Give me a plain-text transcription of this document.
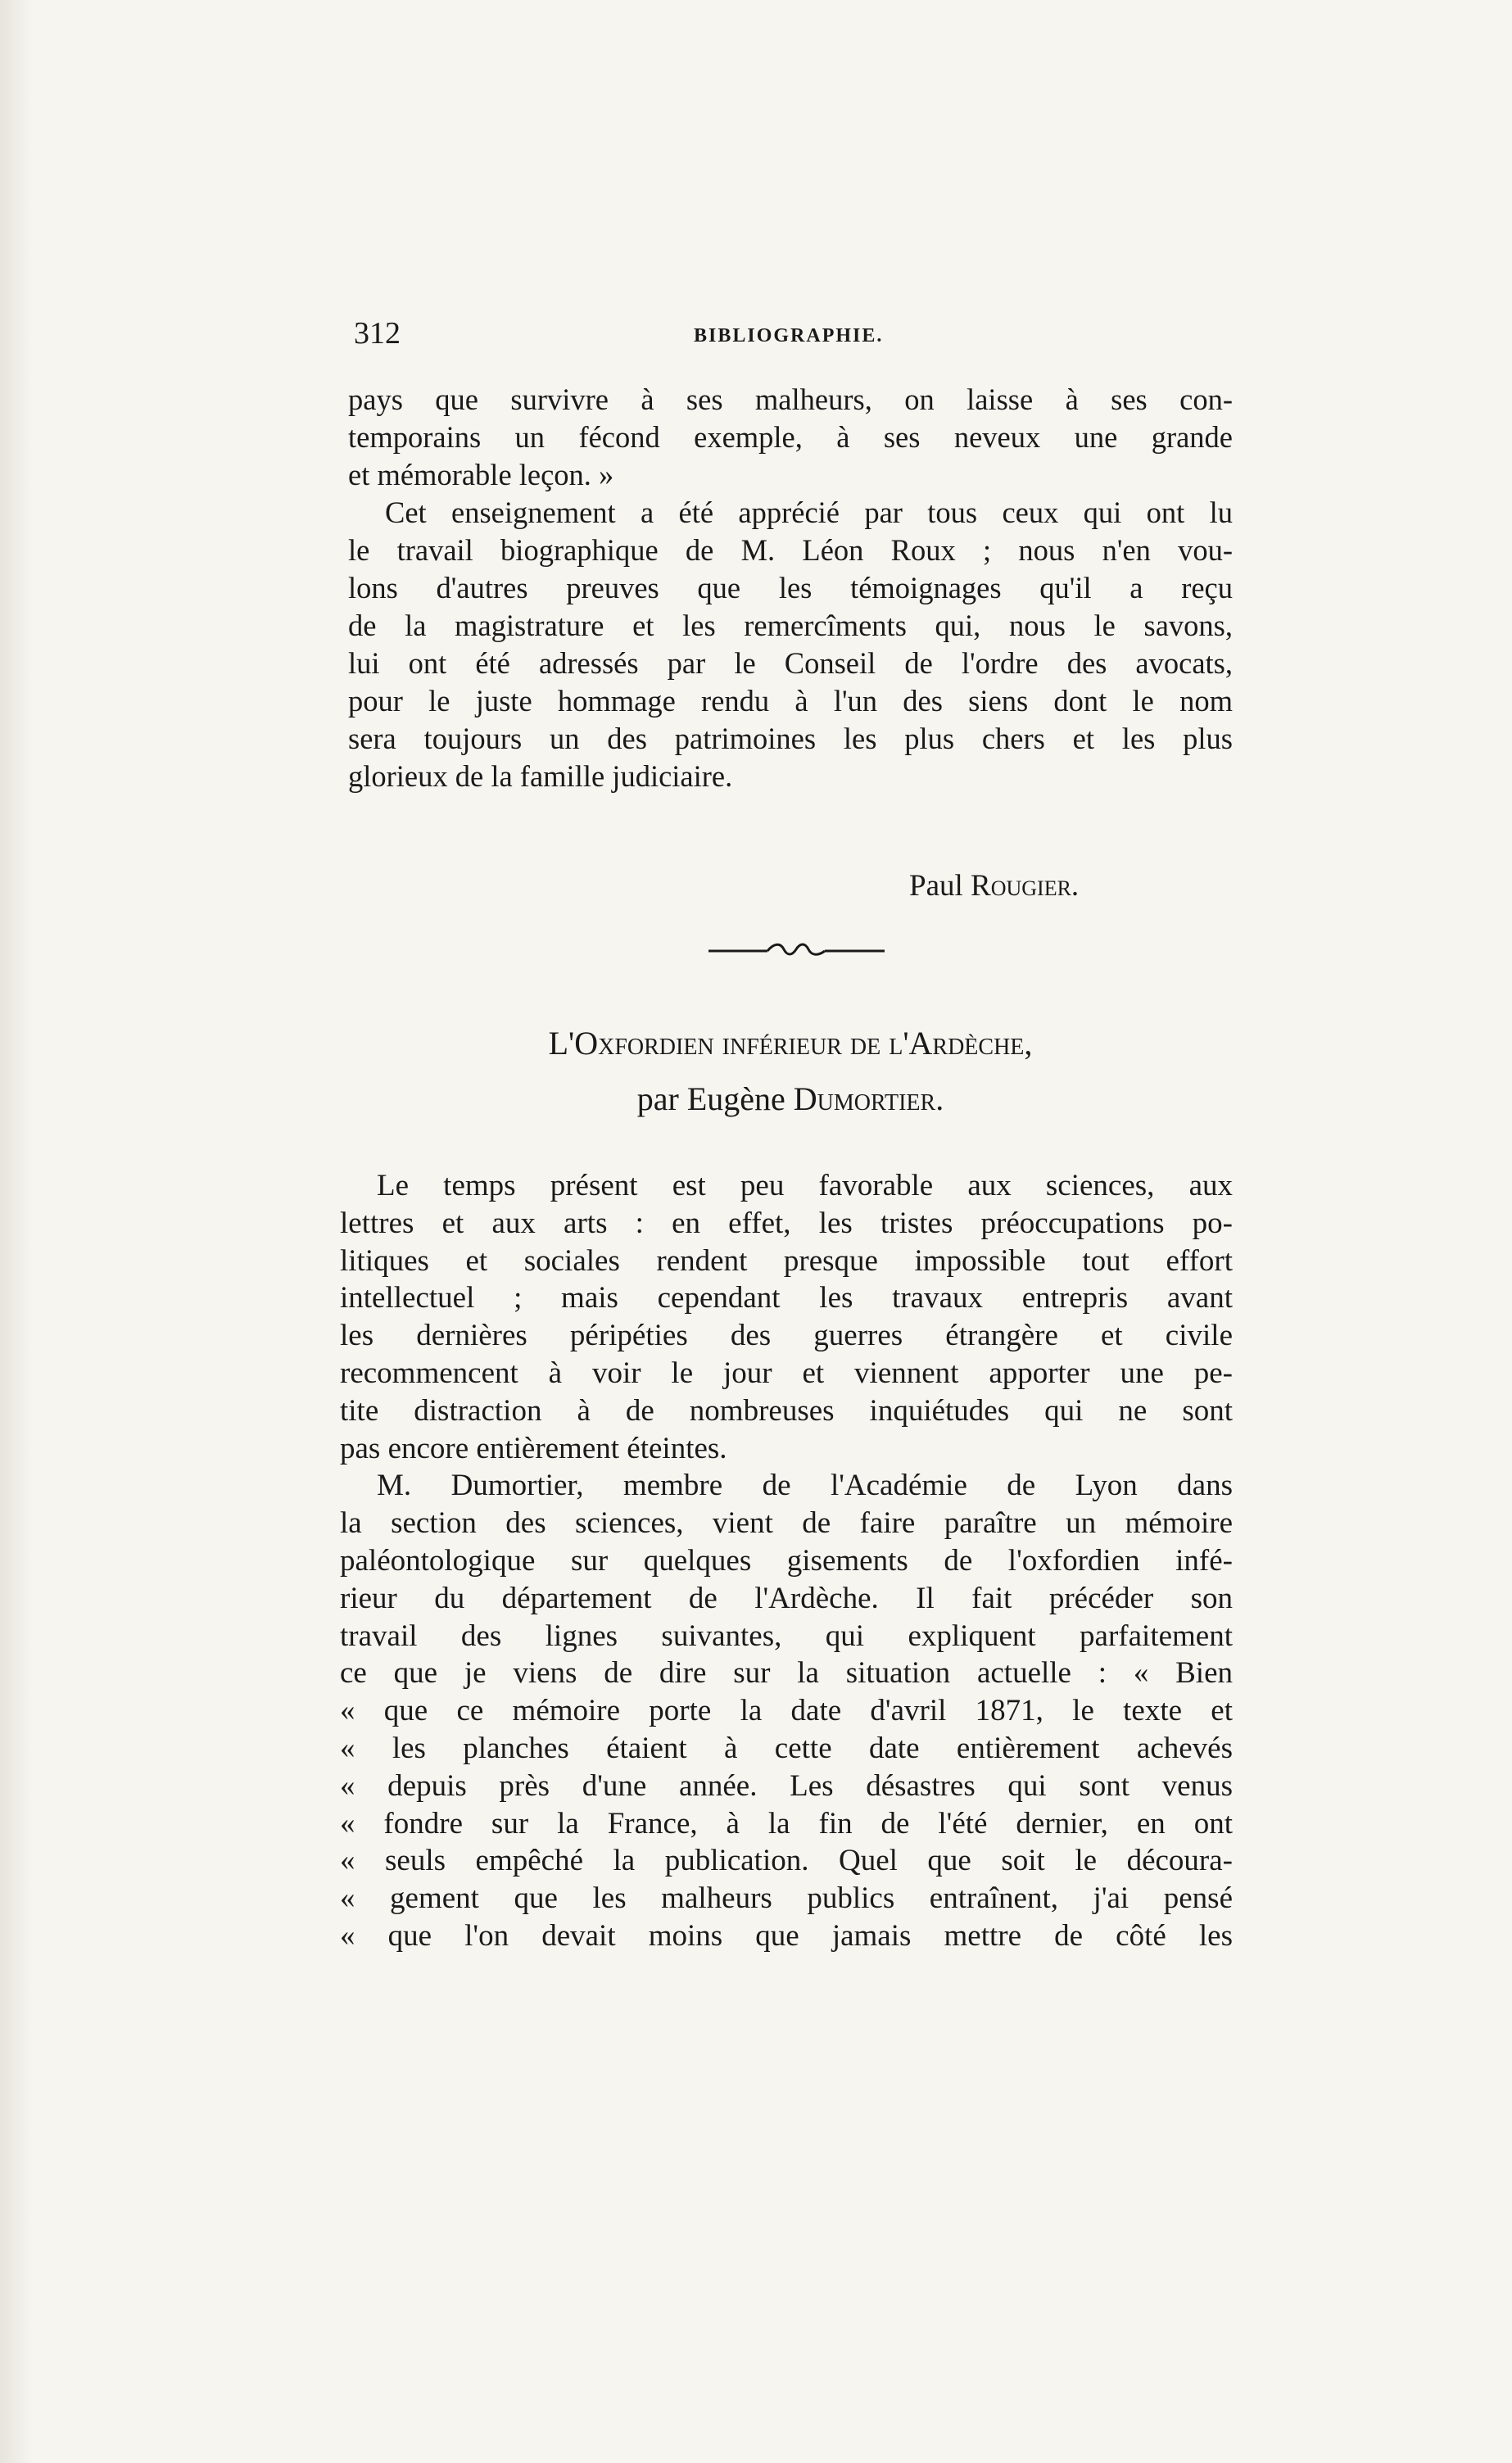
312	BIBLIOGRAPHIE.
pays que survivre à ses malheurs, on laisse à ses con-
temporains un fécond exemple, à ses neveux une grande
et mémorable leçon. »
Cet enseignement a été apprécié par tous ceux qui ont lu
le travail biographique de M. Léon Roux ; nous n'en vou-
lons d'autres preuves que les témoignages qu'il a reçu
de la magistrature et les remercîments qui, nous le savons,
lui ont été adressés par le Conseil de l'ordre des avocats,
pour le juste hommage rendu à l'un des siens dont le nom
sera toujours un des patrimoines les plus chers et les plus
glorieux de la famille judiciaire.
Paul Rougier.
L'Oxfordien inférieur de l'Ardèche,
par Eugène Dumortier.
Le temps présent est peu favorable aux sciences, aux
lettres et aux arts : en effet, les tristes préoccupations po-
litiques et sociales rendent presque impossible tout effort
intellectuel ; mais cependant les travaux entrepris avant
les dernières péripéties des guerres étrangère et civile
recommencent à voir le jour et viennent apporter une pe-
tite distraction à de nombreuses inquiétudes qui ne sont
pas encore entièrement éteintes.
M. Dumortier, membre de l'Académie de Lyon dans
la section des sciences, vient de faire paraître un mémoire
paléontologique sur quelques gisements de l'oxfordien infé-
rieur du département de l'Ardèche. Il fait précéder son
travail des lignes suivantes, qui expliquent parfaitement
ce que je viens de dire sur la situation actuelle : « Bien
« que ce mémoire porte la date d'avril 1871, le texte et
« les planches étaient à cette date entièrement achevés
« depuis près d'une année. Les désastres qui sont venus
« fondre sur la France, à la fin de l'été dernier, en ont
« seuls empêché la publication. Quel que soit le découra-
« gement que les malheurs publics entraînent, j'ai pensé
« que l'on devait moins que jamais mettre de côté les
